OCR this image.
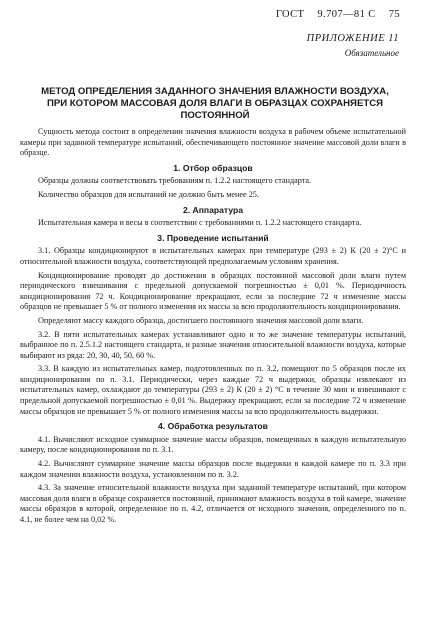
ГОСТ 9.707—81 С 75
ПРИЛОЖЕНИЕ 11
Обязательное
МЕТОД ОПРЕДЕЛЕНИЯ ЗАДАННОГО ЗНАЧЕНИЯ ВЛАЖНОСТИ ВОЗДУХА, ПРИ КОТОРОМ МАССОВАЯ ДОЛЯ ВЛАГИ В ОБРАЗЦАХ СОХРАНЯЕТСЯ ПОСТОЯННОЙ

Сущность метода состоит в определении значения влажности воздуха в рабочем объеме испытательной камеры при заданной температуре испытаний, обеспечивающего постоянное значение массовой доли влаги в образце.

1. Отбор образцов

Образцы должны соответствовать требованиям п. 1.2.2 настоящего стандарта.

Количество образцов для испытаний не должно быть менее 25.

2. Аппаратура

Испытательная камера и весы в соответствии с требованиями п. 1.2.2 настоящего стандарта.

3. Проведение испытаний

3.1. Образцы кондиционируют в испытательных камерах при температуре (293 ± 2) К (20 ± 2)°С и относительной влажности воздуха, соответствующей предполагаемым условиям хранения.

Кондиционирование проводят до достижения в образцах постоянной массовой доли влаги путем периодического взвешивания с предельной допускаемой погрешностью ± 0,01 %. Периодичность кондиционирования 72 ч. Кондиционирование прекращают, если за последние 72 ч изменение массы образцов не превышает 5 % от полного изменения их массы за всю продолжительность кондиционирования.

Определяют массу каждого образца, достигшего постоянного значения массовой доли влаги.

3.2. В пяти испытательных камерах устанавливают одно и то же значение температуры испытаний, выбранное по п. 2.5.1.2 настоящего стандарта, и разные значения относительной влажности воздуха, которые выбирают из ряда: 20, 30, 40, 50, 60 %.

3.3. В каждую из испытательных камер, подготовленных по п. 3.2, помещают по 5 образцов после их кондиционирования по п. 3.1. Периодически, через каждые 72 ч выдержки, образцы извлекают из испытательных камер, охлаждают до температуры (293 ± 2) К (20 ± 2) °С в течение 30 мин и взвешивают с предельной допускаемой погрешностью ± 0,01 %. Выдержку прекращают, если за последние 72 ч изменение массы образцов не превышает 5 % от полного изменения массы за всю продолжительность выдержки.

4. Обработка результатов

4.1. Вычисляют исходное суммарное значение массы образцов, помещенных в каждую испытательную камеру, после кондиционирования по п. 3.1.

4.2. Вычисляют суммарное значение массы образцов после выдержки в каждой камере по п. 3.3 при каждом значении влажности воздуха, установленном по п. 3.2.

4.3. За значение относительной влажности воздуха при заданной температуре испытаний, при котором массовая доля влаги в образце сохраняется постоянной, принимают влажность воздуха в той камере, значение массы образцов в которой, определенное по п. 4.2, отличается от исходного значения, определенного по п. 4.1, не более чем на 0,02 %.
